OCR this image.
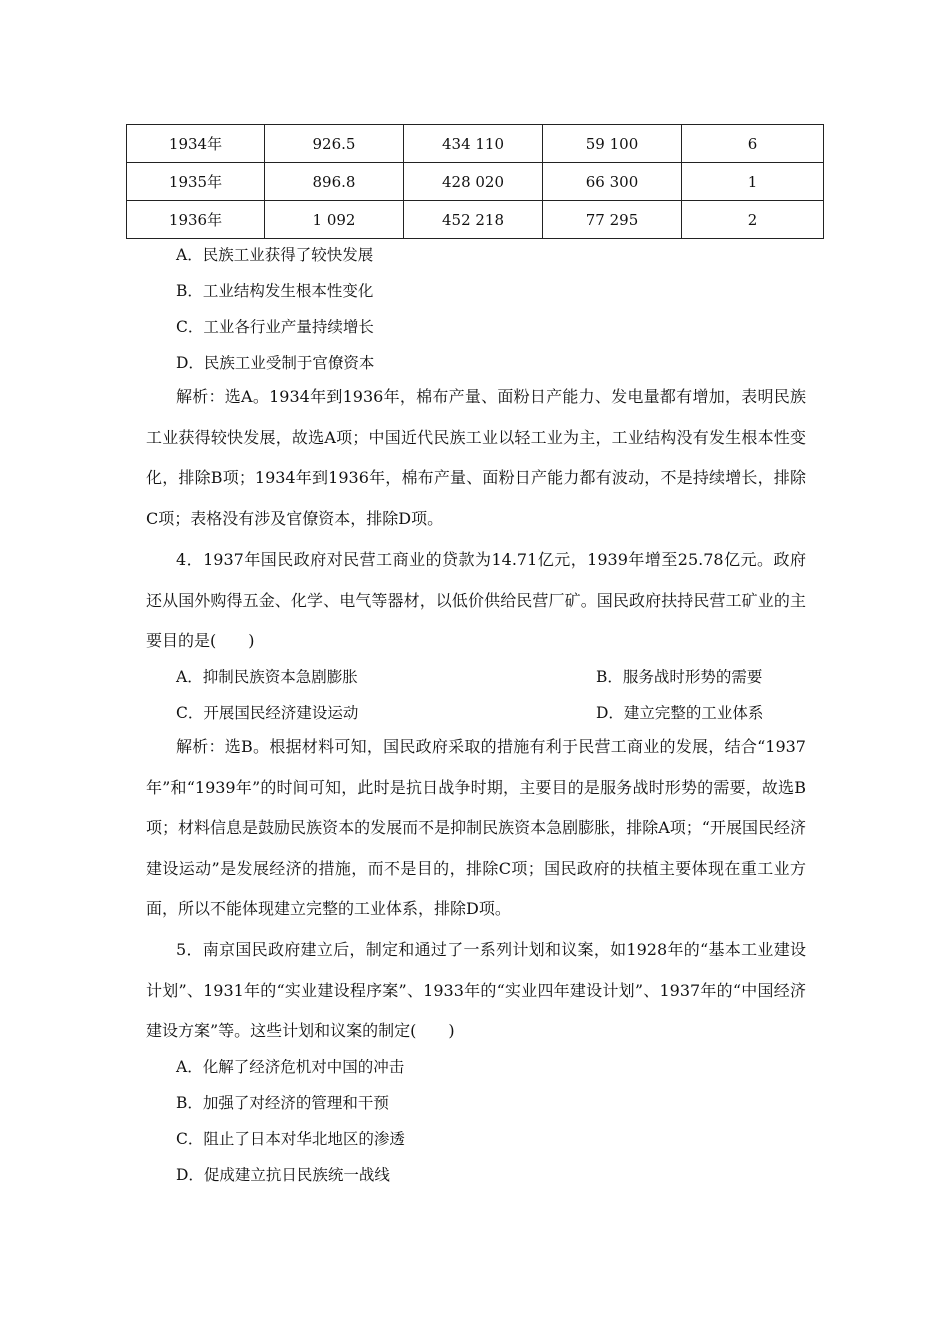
1934年	926.5	434 110	59 100	6
1935年	896.8	428 020	66 300	1
1936年	1 092	452 218	77 295	2
A．民族工业获得了较快发展
B．工业结构发生根本性变化
C．工业各行业产量持续增长
D．民族工业受制于官僚资本

解析：选A。1934年到1936年，棉布产量、面粉日产能力、发电量都有增加，表明民族工业获得较快发展，故选A项；中国近代民族工业以轻工业为主，工业结构没有发生根本性变化，排除B项；1934年到1936年，棉布产量、面粉日产能力都有波动，不是持续增长，排除C项；表格没有涉及官僚资本，排除D项。

4．1937年国民政府对民营工商业的贷款为14.71亿元，1939年增至25.78亿元。政府还从国外购得五金、化学、电气等器材，以低价供给民营厂矿。国民政府扶持民营工矿业的主要目的是(　　)

A．抑制民族资本急剧膨胀	B．服务战时形势的需要
C．开展国民经济建设运动	D．建立完整的工业体系

解析：选B。根据材料可知，国民政府采取的措施有利于民营工商业的发展，结合“1937年”和“1939年”的时间可知，此时是抗日战争时期，主要目的是服务战时形势的需要，故选B项；材料信息是鼓励民族资本的发展而不是抑制民族资本急剧膨胀，排除A项；“开展国民经济建设运动”是发展经济的措施，而不是目的，排除C项；国民政府的扶植主要体现在重工业方面，所以不能体现建立完整的工业体系，排除D项。

5．南京国民政府建立后，制定和通过了一系列计划和议案，如1928年的“基本工业建设计划”、1931年的“实业建设程序案”、1933年的“实业四年建设计划”、1937年的“中国经济建设方案”等。这些计划和议案的制定(　　)

A．化解了经济危机对中国的冲击
B．加强了对经济的管理和干预
C．阻止了日本对华北地区的渗透
D．促成建立抗日民族统一战线
